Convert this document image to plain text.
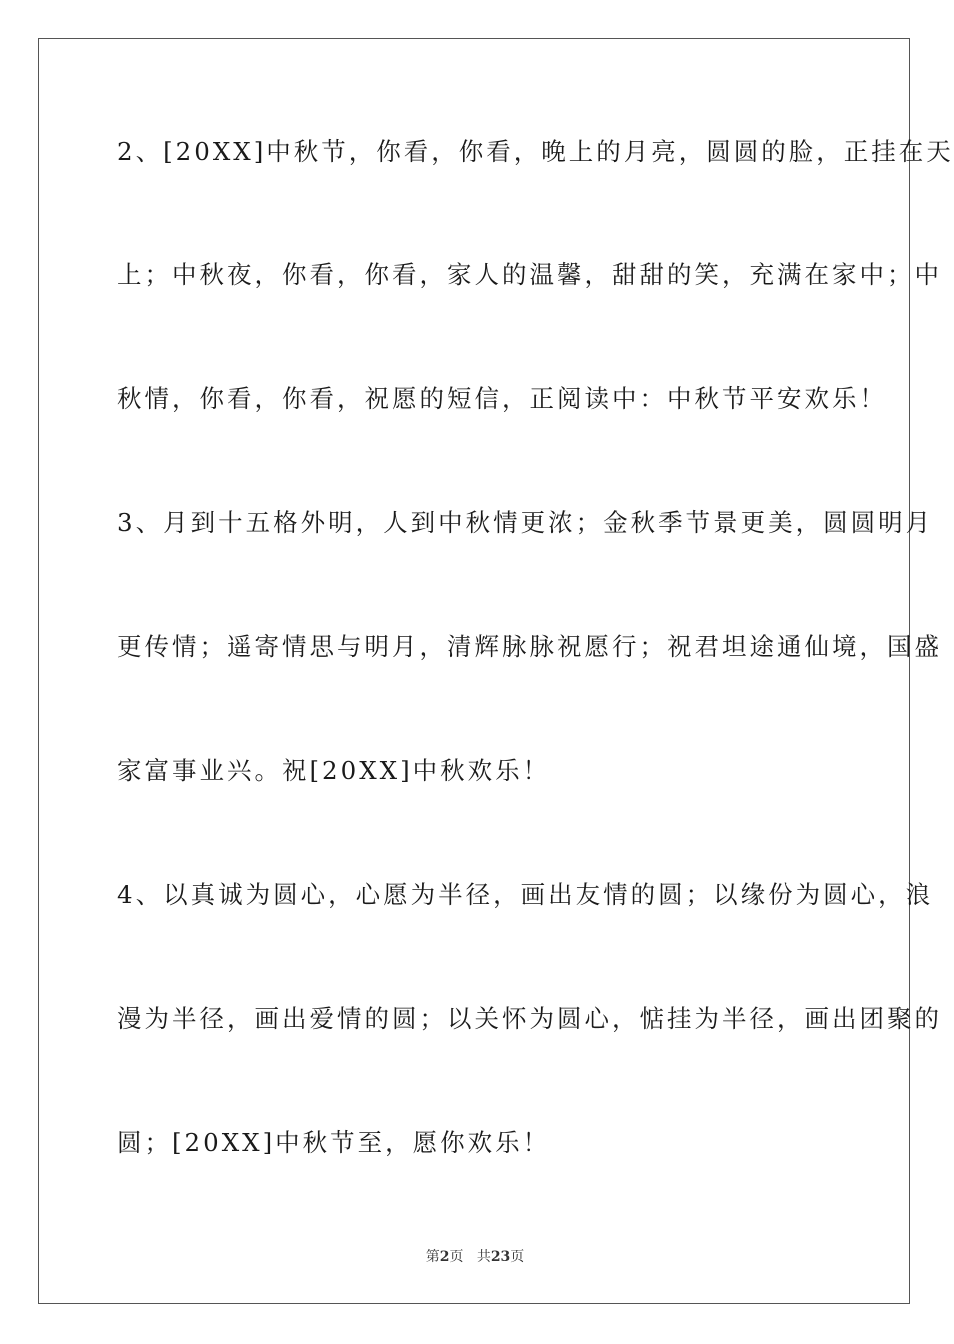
2、[20XX]中秋节，你看，你看，晚上的月亮，圆圆的脸，正挂在天
上；中秋夜，你看，你看，家人的温馨，甜甜的笑，充满在家中；中
秋情，你看，你看，祝愿的短信，正阅读中：中秋节平安欢乐！
3、月到十五格外明，人到中秋情更浓；金秋季节景更美，圆圆明月
更传情；遥寄情思与明月，清辉脉脉祝愿行；祝君坦途通仙境，国盛
家富事业兴。祝[20XX]中秋欢乐！
4、以真诚为圆心，心愿为半径，画出友情的圆；以缘份为圆心，浪
漫为半径，画出爱情的圆；以关怀为圆心，惦挂为半径，画出团聚的
圆；[20XX]中秋节至，愿你欢乐！
第2页 共23页
